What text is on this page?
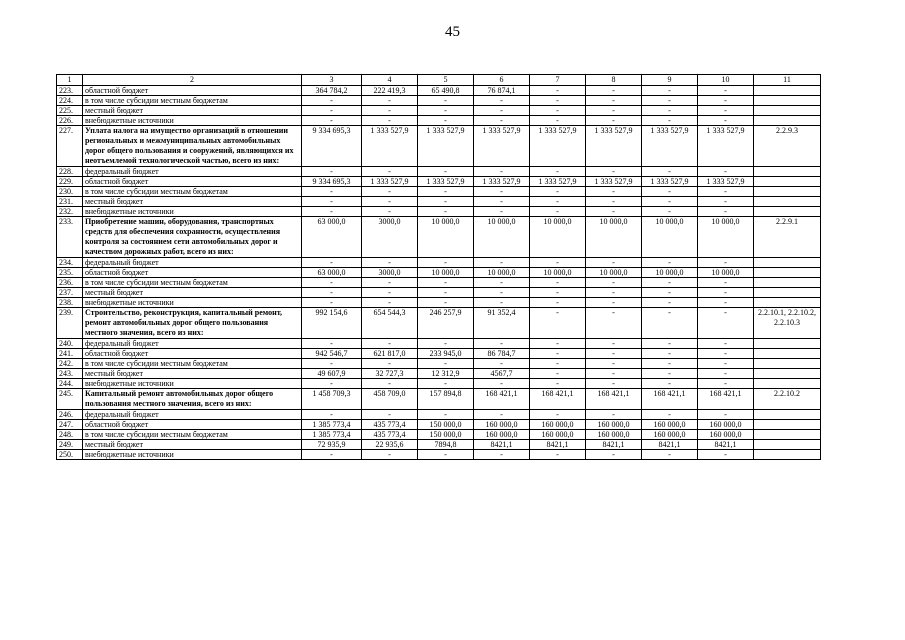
45
1	2	3	4	5	6	7	8	9	10	11
223.	областной бюджет	364 784,2	222 419,3	65 490,8	76 874,1	-	-	-	-	
224.	в том числе субсидии местным бюджетам	-	-	-	-	-	-	-	-	
225.	местный бюджет	-	-	-	-	-	-	-	-	
226.	внебюджетные источники	-	-	-	-	-	-	-	-	
227.	Уплата налога на имущество организаций в отношении региональных и межмуниципальных автомобильных дорог общего пользования и сооружений, являющихся их неотъемлемой технологической частью, всего из них:	9 334 695,3	1 333 527,9	1 333 527,9	1 333 527,9	1 333 527,9	1 333 527,9	1 333 527,9	1 333 527,9	2.2.9.3
228.	федеральный бюджет	-	-	-	-	-	-	-	-	
229.	областной бюджет	9 334 695,3	1 333 527,9	1 333 527,9	1 333 527,9	1 333 527,9	1 333 527,9	1 333 527,9	1 333 527,9	
230.	в том числе субсидии местным бюджетам	-	-	-	-	-	-	-	-	
231.	местный бюджет	-	-	-	-	-	-	-	-	
232.	внебюджетные источники	-	-	-	-	-	-	-	-	
233.	Приобретение машин, оборудования, транспортных средств для обеспечения сохранности, осуществления контроля за состоянием сети автомобильных дорог и качеством дорожных работ, всего из них:	63 000,0	3000,0	10 000,0	10 000,0	10 000,0	10 000,0	10 000,0	10 000,0	2.2.9.1
234.	федеральный бюджет	-	-	-	-	-	-	-	-	
235.	областной бюджет	63 000,0	3000,0	10 000,0	10 000,0	10 000,0	10 000,0	10 000,0	10 000,0	
236.	в том числе субсидии местным бюджетам	-	-	-	-	-	-	-	-	
237.	местный бюджет	-	-	-	-	-	-	-	-	
238.	внебюджетные источники	-	-	-	-	-	-	-	-	
239.	Строительство, реконструкция, капитальный ремонт, ремонт автомобильных дорог общего пользования местного значения, всего из них:	992 154,6	654 544,3	246 257,9	91 352,4	-	-	-	-	2.2.10.1, 2.2.10.2, 2.2.10.3
240.	федеральный бюджет	-	-	-	-	-	-	-	-	
241.	областной бюджет	942 546,7	621 817,0	233 945,0	86 784,7	-	-	-	-	
242.	в том числе субсидии местным бюджетам	-	-	-	-	-	-	-	-	
243.	местный бюджет	49 607,9	32 727,3	12 312,9	4567,7	-	-	-	-	
244.	внебюджетные источники	-	-	-	-	-	-	-	-	
245.	Капитальный ремонт автомобильных дорог общего пользования местного значения, всего из них:	1 458 709,3	458 709,0	157 894,8	168 421,1	168 421,1	168 421,1	168 421,1	168 421,1	2.2.10.2
246.	федеральный бюджет	-	-	-	-	-	-	-	-	
247.	областной бюджет	1 385 773,4	435 773,4	150 000,0	160 000,0	160 000,0	160 000,0	160 000,0	160 000,0	
248.	в том числе субсидии местным бюджетам	1 385 773,4	435 773,4	150 000,0	160 000,0	160 000,0	160 000,0	160 000,0	160 000,0	
249.	местный бюджет	72 935,9	22 935,6	7894,8	8421,1	8421,1	8421,1	8421,1	8421,1	
250.	внебюджетные источники	-	-	-	-	-	-	-	-	
